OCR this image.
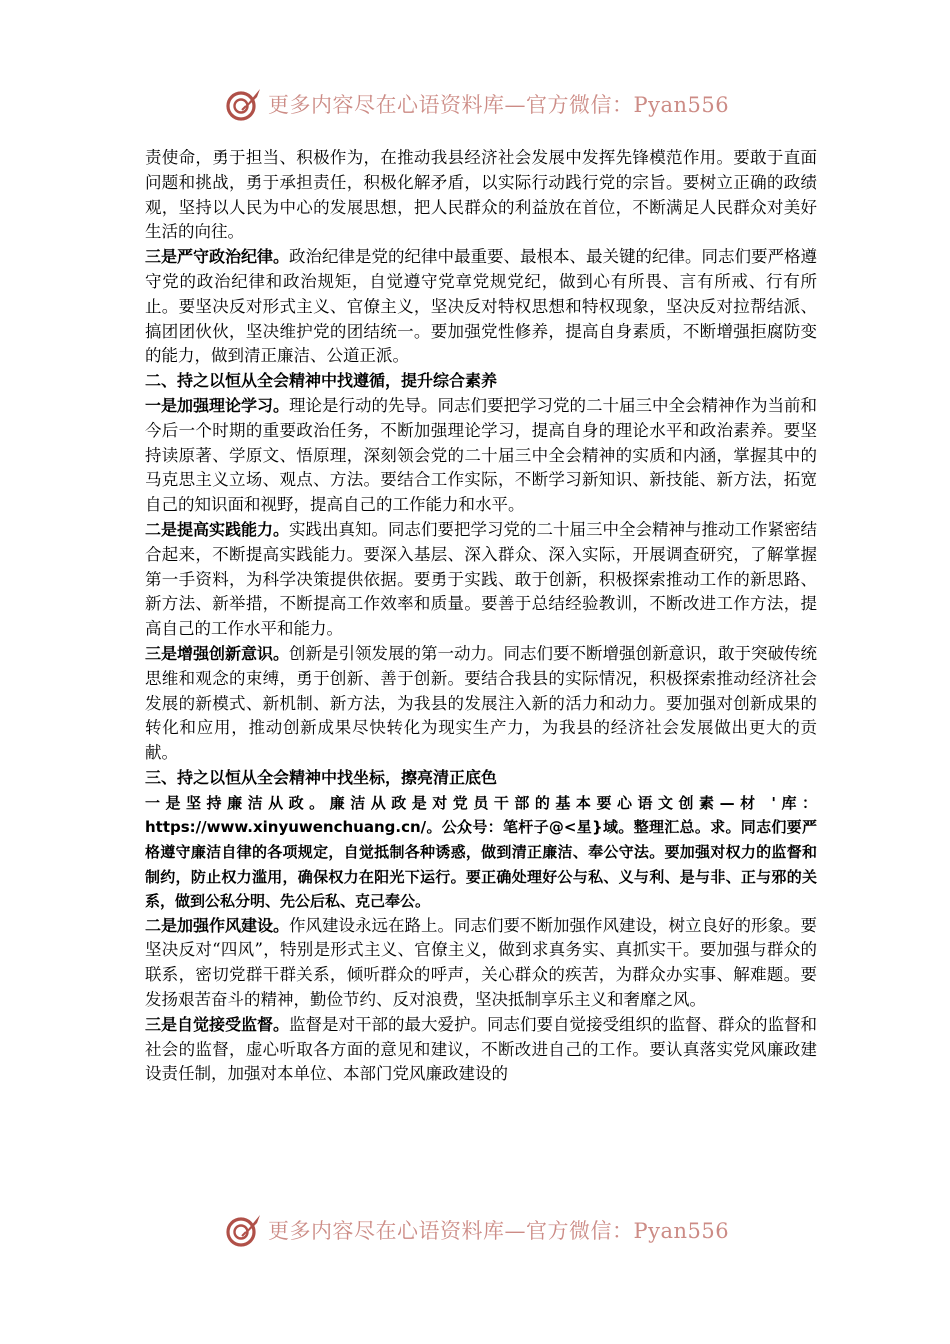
更多内容尽在心语资料库—官方微信：Pyan556

责使命，勇于担当、积极作为，在推动我县经济社会发展中发挥先锋模范作用。要敢于直面问题和挑战，勇于承担责任，积极化解矛盾，以实际行动践行党的宗旨。要树立正确的政绩观，坚持以人民为中心的发展思想，把人民群众的利益放在首位，不断满足人民群众对美好生活的向往。

三是严守政治纪律。政治纪律是党的纪律中最重要、最根本、最关键的纪律。同志们要严格遵守党的政治纪律和政治规矩，自觉遵守党章党规党纪，做到心有所畏、言有所戒、行有所止。要坚决反对形式主义、官僚主义，坚决反对特权思想和特权现象，坚决反对拉帮结派、搞团团伙伙，坚决维护党的团结统一。要加强党性修养，提高自身素质，不断增强拒腐防变的能力，做到清正廉洁、公道正派。

二、持之以恒从全会精神中找遵循，提升综合素养

一是加强理论学习。理论是行动的先导。同志们要把学习党的二十届三中全会精神作为当前和今后一个时期的重要政治任务，不断加强理论学习，提高自身的理论水平和政治素养。要坚持读原著、学原文、悟原理，深刻领会党的二十届三中全会精神的实质和内涵，掌握其中的马克思主义立场、观点、方法。要结合工作实际，不断学习新知识、新技能、新方法，拓宽自己的知识面和视野，提高自己的工作能力和水平。

二是提高实践能力。实践出真知。同志们要把学习党的二十届三中全会精神与推动工作紧密结合起来，不断提高实践能力。要深入基层、深入群众、深入实际，开展调查研究，了解掌握第一手资料，为科学决策提供依据。要勇于实践、敢于创新，积极探索推动工作的新思路、新方法、新举措，不断提高工作效率和质量。要善于总结经验教训，不断改进工作方法，提高自己的工作水平和能力。

三是增强创新意识。创新是引领发展的第一动力。同志们要不断增强创新意识，敢于突破传统思维和观念的束缚，勇于创新、善于创新。要结合我县的实际情况，积极探索推动经济社会发展的新模式、新机制、新方法，为我县的发展注入新的活力和动力。要加强对创新成果的转化和应用，推动创新成果尽快转化为现实生产力，为我县的经济社会发展做出更大的贡献。

三、持之以恒从全会精神中找坐标，擦亮清正底色

一是坚持廉洁从政。廉洁从政是对党员干部的基本要心语文创素—材 '库：https://www.xinyuwenchuang.cn/。公众号：笔杆子@<星}域。整理汇总。求。同志们要严格遵守廉洁自律的各项规定，自觉抵制各种诱惑，做到清正廉洁、奉公守法。要加强对权力的监督和制约，防止权力滥用，确保权力在阳光下运行。要正确处理好公与私、义与利、是与非、正与邪的关系，做到公私分明、先公后私、克己奉公。

二是加强作风建设。作风建设永远在路上。同志们要不断加强作风建设，树立良好的形象。要坚决反对“四风”，特别是形式主义、官僚主义，做到求真务实、真抓实干。要加强与群众的联系，密切党群干群关系，倾听群众的呼声，关心群众的疾苦，为群众办实事、解难题。要发扬艰苦奋斗的精神，勤俭节约、反对浪费，坚决抵制享乐主义和奢靡之风。

三是自觉接受监督。监督是对干部的最大爱护。同志们要自觉接受组织的监督、群众的监督和社会的监督，虚心听取各方面的意见和建议，不断改进自己的工作。要认真落实党风廉政建设责任制，加强对本单位、本部门党风廉政建设的

更多内容尽在心语资料库—官方微信：Pyan556
